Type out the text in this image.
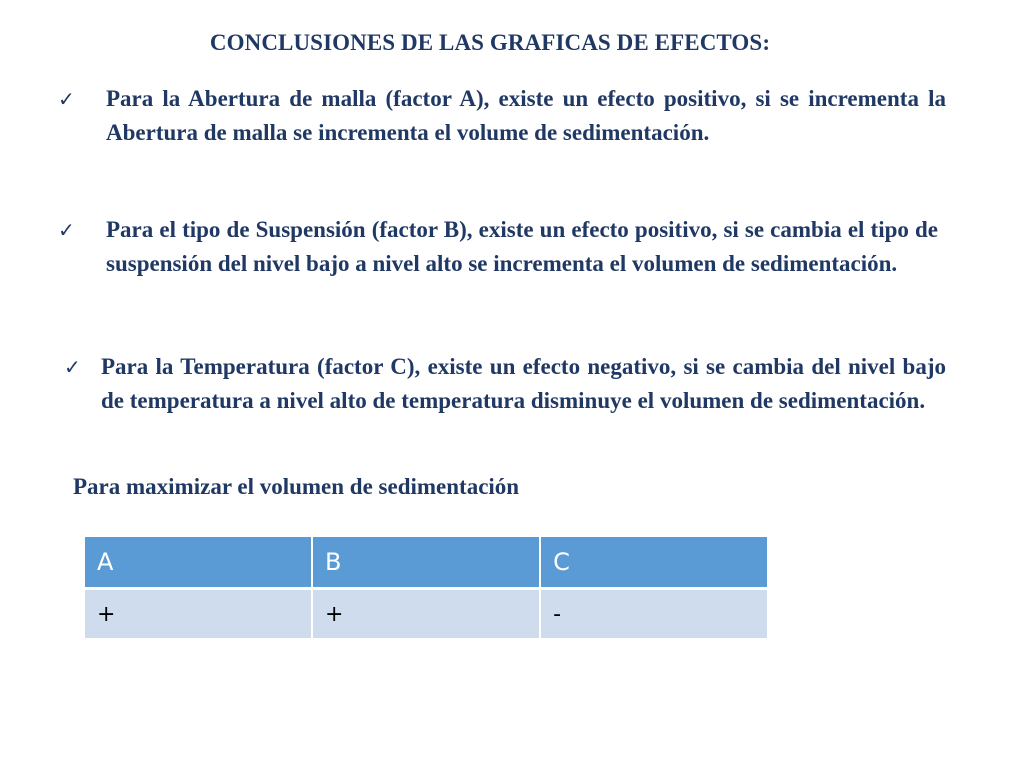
CONCLUSIONES DE LAS GRAFICAS DE EFECTOS:
✓ Para la Abertura de malla (factor A), existe un efecto positivo, si se incrementa la Abertura de malla se incrementa el volume de sedimentación.
✓ Para el tipo de Suspensión (factor B), existe un efecto positivo, si se cambia el tipo de suspensión del nivel bajo a nivel alto se incrementa el volumen de sedimentación.
✓ Para la Temperatura (factor C), existe un efecto negativo, si se cambia del nivel bajo de temperatura a nivel alto de temperatura disminuye el volumen de sedimentación.
Para maximizar el volumen de sedimentación
A	B	C
+	+	-
